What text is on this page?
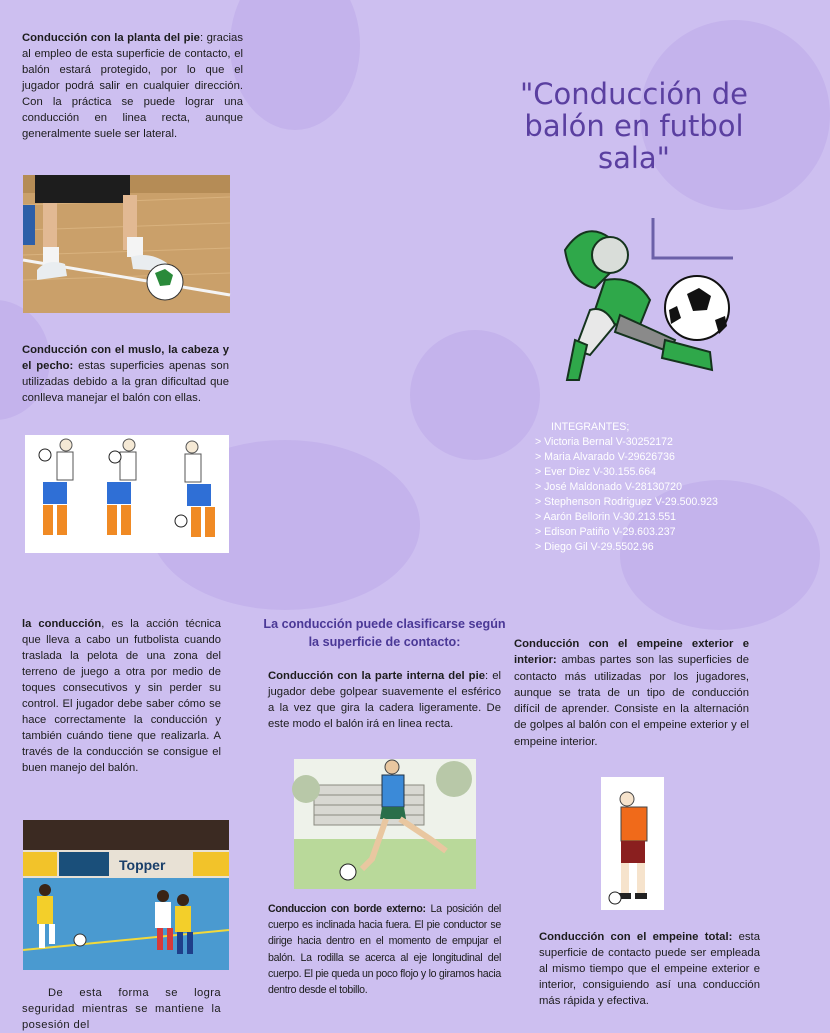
Conducción con la planta del pie: gracias al empleo de esta superficie de contacto, el balón estará protegido, por lo que el jugador podrá salir en cualquier dirección. Con la práctica se puede lograr una conducción en linea recta, aunque generalmente suele ser lateral.
Conducción con el muslo, la cabeza y el pecho: estas superficies apenas son utilizadas debido a la gran dificultad que conlleva manejar el balón con ellas.
"Conducción de balón en futbol sala"
INTEGRANTES;
> Victoria Bernal V-30252172
> Maria Alvarado V-29626736
> Ever Diez V-30.155.664
> José Maldonado V-28130720
> Stephenson Rodriguez V-29.500.923
> Aarón Bellorin V-30.213.551
> Edison Patiño V-29.603.237
> Diego Gil V-29.5502.96
la conducción, es la acción técnica que lleva a cabo un futbolista cuando traslada la pelota de una zona del terreno de juego a otra por medio de toques consecutivos y sin perder su control. El jugador debe saber cómo se hace correctamente la conducción y también cuándo tiene que realizarla. A través de la conducción se consigue el buen manejo del balón.
Topper
De esta forma se logra seguridad mientras se mantiene la posesión del
La conducción puede clasificarse según la superficie de contacto:
Conducción con la parte interna del pie: el jugador debe golpear suavemente el esférico a la vez que gira la cadera ligeramente. De este modo el balón irá en linea recta.
Conduccion con borde externo: La posición del cuerpo es inclinada hacia fuera. El pie conductor se dirige hacia dentro en el momento de empujar el balón. La rodilla se acerca al eje longitudinal del cuerpo. El pie queda un poco flojo y lo giramos hacia dentro desde el tobillo.
Conducción con el empeine exterior e interior: ambas partes son las superficies de contacto más utilizadas por los jugadores, aunque se trata de un tipo de conducción difícil de aprender. Consiste en la alternación de golpes al balón con el empeine exterior y el empeine interior.
Conducción con el empeine total: esta superficie de contacto puede ser empleada al mismo tiempo que el empeine exterior e interior, consiguiendo así una conducción más rápida y efectiva.
